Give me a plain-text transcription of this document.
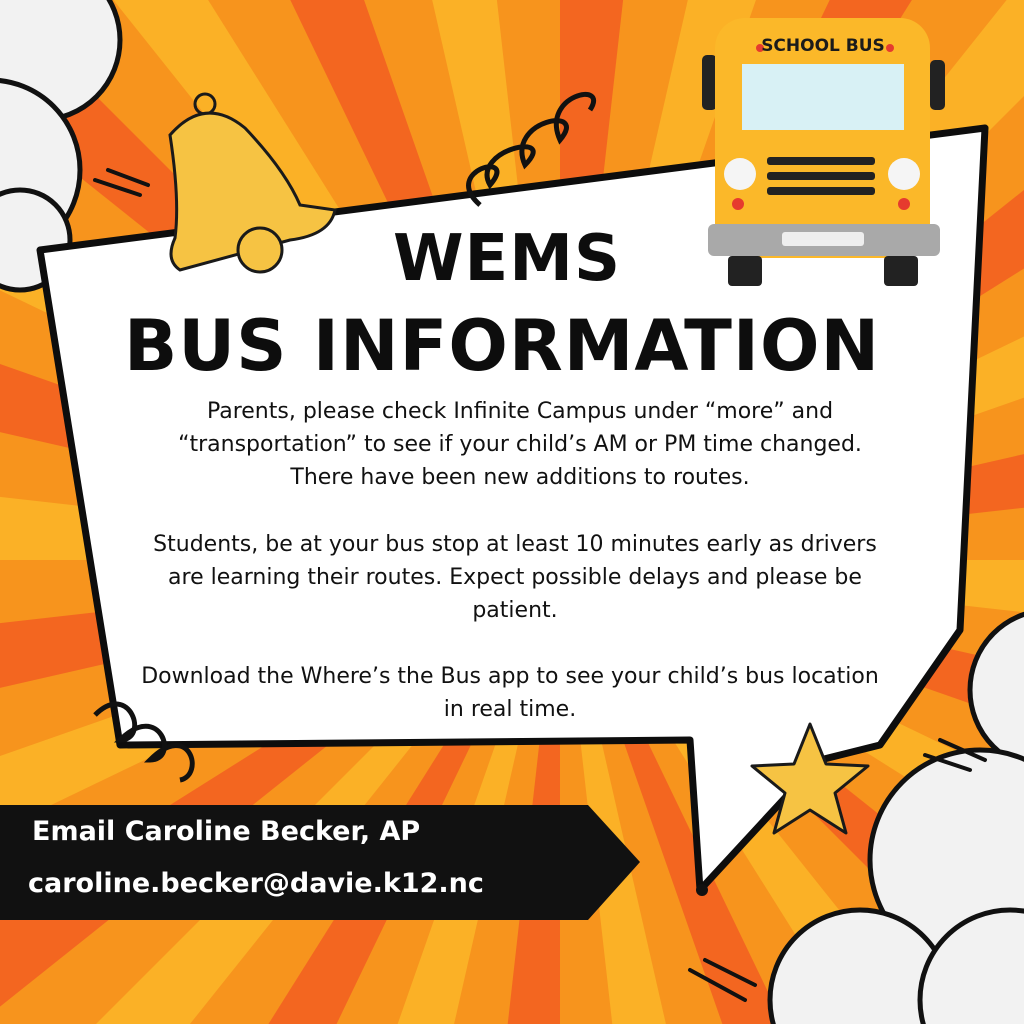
WEMS
BUS INFORMATION
Parents, please check Infinite Campus under “more” and “transportation” to see if your child’s AM or PM time changed. There have been new additions to routes.
Students, be at your bus stop at least 10 minutes early as drivers are learning their routes. Expect possible delays and please be patient.
Download the Where’s the Bus app to see your child’s bus location in real time.
Email Caroline Becker, AP
caroline.becker@davie.k12.nc
SCHOOL BUS
